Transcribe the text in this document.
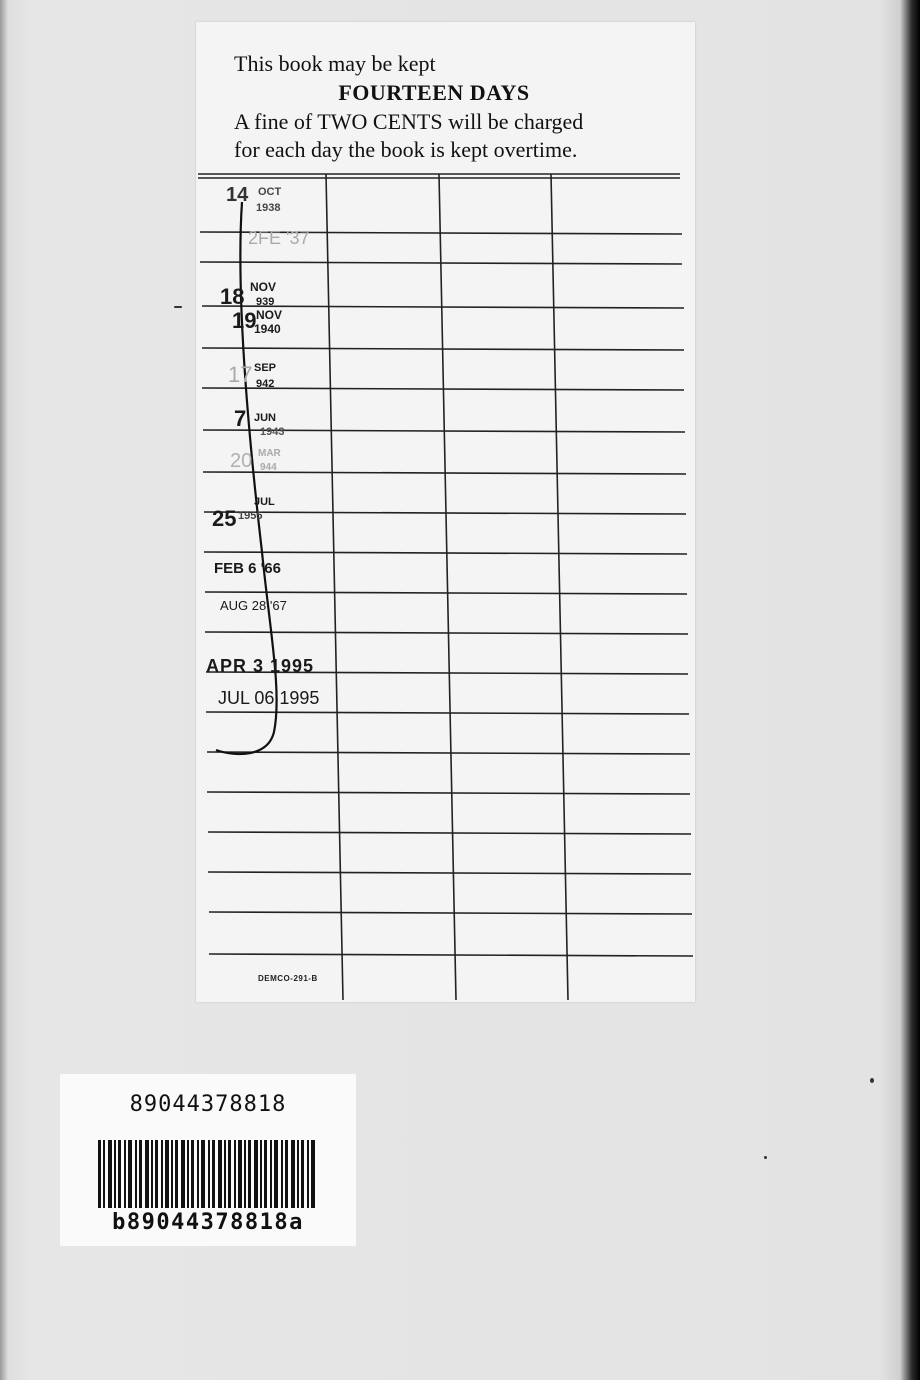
This book may be kept
FOURTEEN DAYS
A fine of TWO CENTS will be charged
for each day the book is kept overtime.
14 OCT
1938
2FE '37
18 NOV
939
19 NOV
1940
17 SEP
942
7 JUN
1943
20 MAR
944
25
JUL
1955
FEB 6 '66
AUG 28 '67
APR 3 1995
JUL 06 1995
DEMCO-291-B
89044378818
b89044378818a
